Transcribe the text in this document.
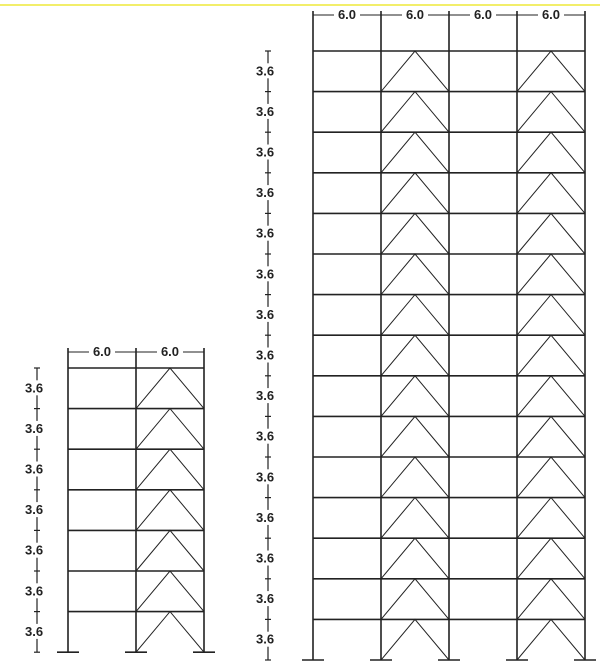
6.0	6.0
3.6
3.6
3.6
3.6
3.6
3.6
3.6
6.0	6.0	6.0	6.0
3.6
3.6
3.6
3.6
3.6
3.6
3.6
3.6
3.6
3.6
3.6
3.6
3.6
3.6
3.6
